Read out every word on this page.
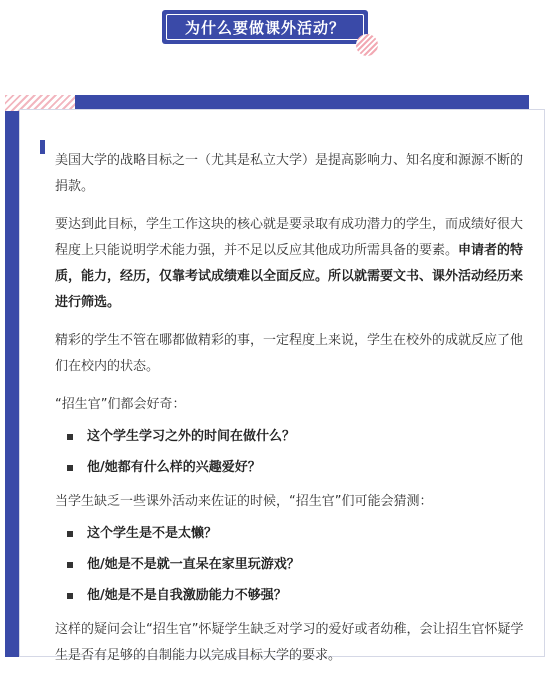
为什么要做课外活动？

美国大学的战略目标之一（尤其是私立大学）是提高影响力、知名度和源源不断的捐款。

要达到此目标，学生工作这块的核心就是要录取有成功潜力的学生，而成绩好很大程度上只能说明学术能力强，并不足以反应其他成功所需具备的要素。申请者的特质，能力，经历，仅靠考试成绩难以全面反应。所以就需要文书、课外活动经历来进行筛选。

精彩的学生不管在哪都做精彩的事，一定程度上来说，学生在校外的成就反应了他们在校内的状态。

“招生官”们都会好奇：

这个学生学习之外的时间在做什么？
他/她都有什么样的兴趣爱好？

当学生缺乏一些课外活动来佐证的时候，“招生官”们可能会猜测：

这个学生是不是太懒？
他/她是不是就一直呆在家里玩游戏？
他/她是不是自我激励能力不够强？

这样的疑问会让“招生官”怀疑学生缺乏对学习的爱好或者幼稚，会让招生官怀疑学生是否有足够的自制能力以完成目标大学的要求。
